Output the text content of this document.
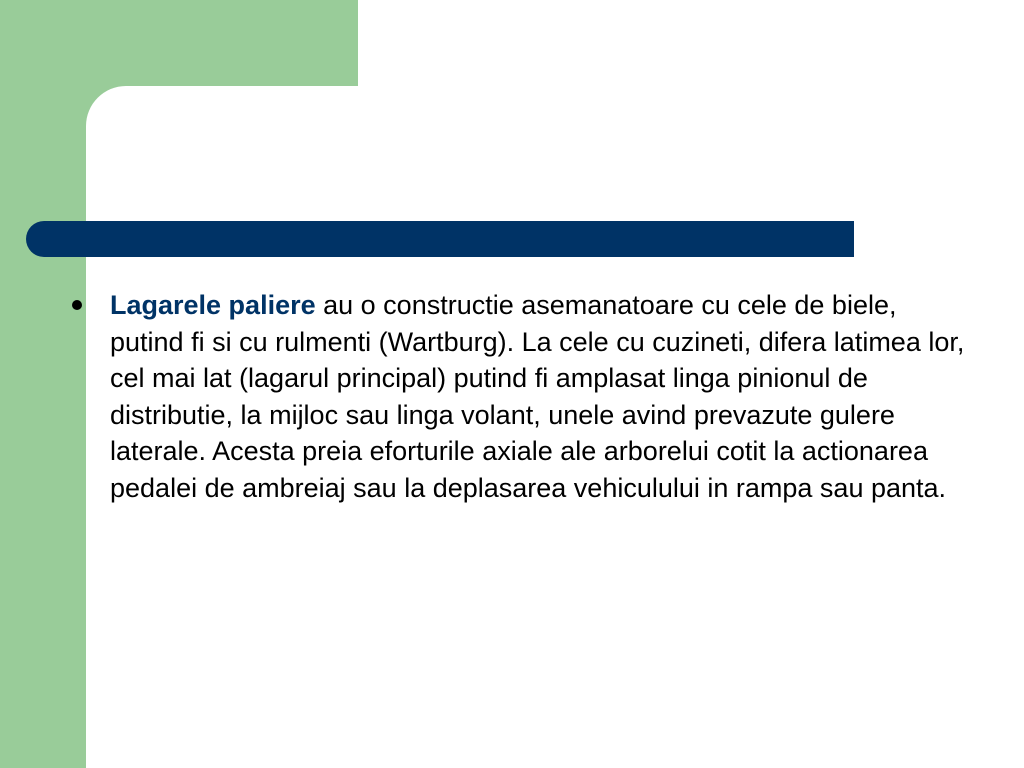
Lagarele paliere au o constructie asemanatoare cu cele de biele, putind fi si cu rulmenti (Wartburg). La cele cu cuzineti, difera latimea lor, cel mai lat (lagarul principal) putind fi amplasat linga pinionul de distributie, la mijloc sau linga volant, unele avind prevazute gulere laterale. Acesta preia eforturile axiale ale arborelui cotit la actionarea pedalei de ambreiaj sau la deplasarea vehiculului in rampa sau panta.
